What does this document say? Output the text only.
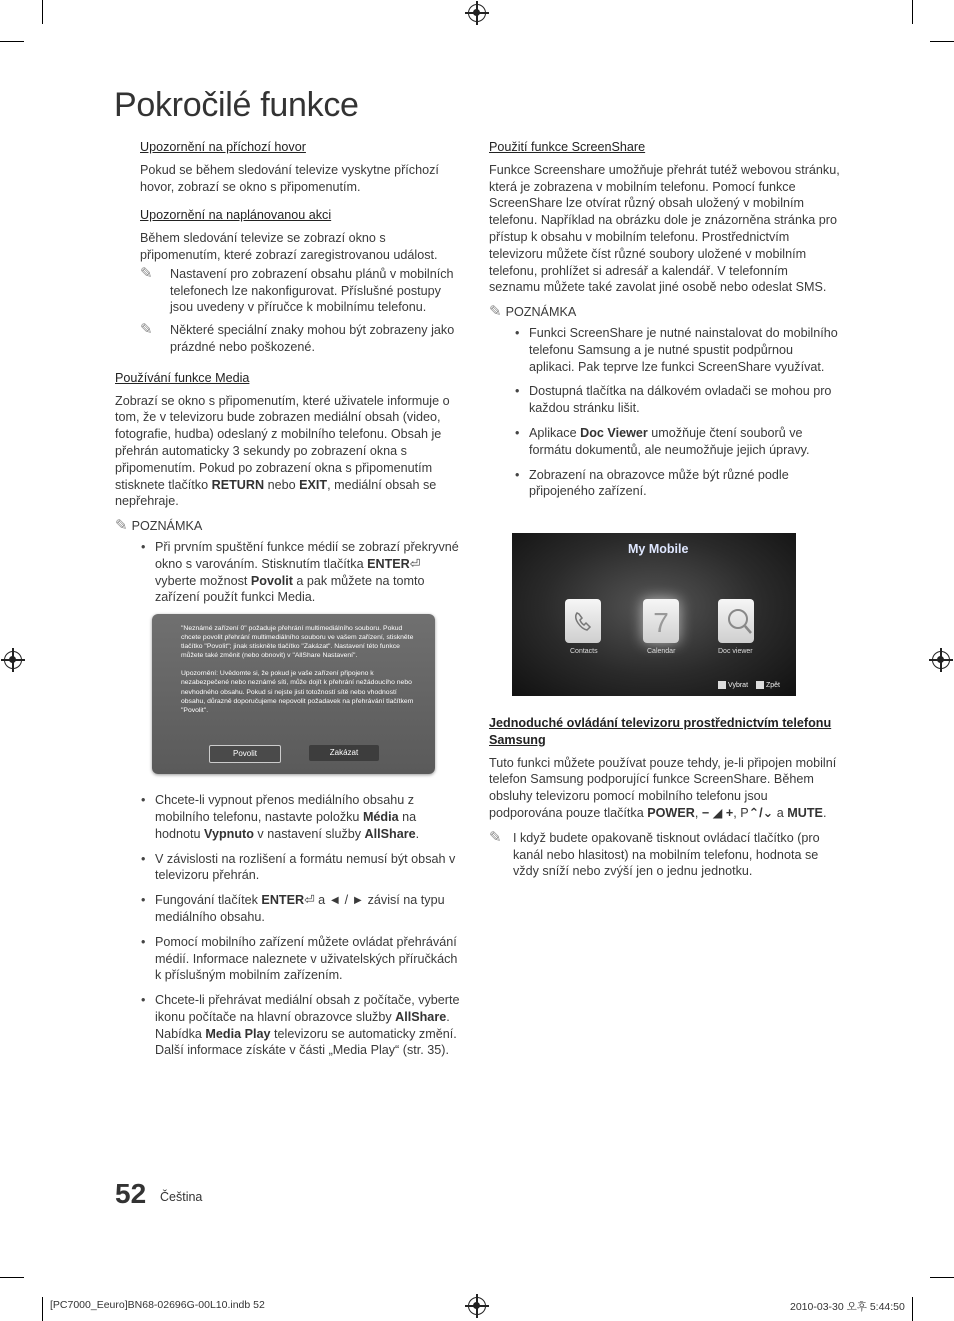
Pokročilé funkce
Upozornění na příchozí hovor

Pokud se během sledování televize vyskytne příchozí hovor, zobrazí se okno s připomenutím.

Upozornění na naplánovanou akci

Během sledování televize se zobrazí okno s připomenutím, které zobrazí zaregistrovanou událost.

✎ Nastavení pro zobrazení obsahu plánů v mobilních telefonech lze nakonfigurovat. Příslušné postupy jsou uvedeny v příručce k mobilnímu telefonu.
✎ Některé speciální znaky mohou být zobrazeny jako prázdné nebo poškozené.
Používání funkce Media

Zobrazí se okno s připomenutím, které uživatele informuje o tom, že v televizoru bude zobrazen mediální obsah (video, fotografie, hudba) odeslaný z mobilního telefonu. Obsah je přehrán automaticky 3 sekundy po zobrazení okna s připomenutím. Pokud po zobrazení okna s připomenutím stisknete tlačítko RETURN nebo EXIT, mediální obsah se nepřehraje.

✎ POZNÁMKA
• Při prvním spuštění funkce médií se zobrazí překryvné okno s varováním. Stisknutím tlačítka ENTER⏎ vyberte možnost Povolit a pak můžete na tomto zařízení použít funkci Media.
• Chcete-li vypnout přenos mediálního obsahu z mobilního telefonu, nastavte položku Média na hodnotu Vypnuto v nastavení služby AllShare.
• V závislosti na rozlišení a formátu nemusí být obsah v televizoru přehrán.
• Fungování tlačítek ENTER⏎ a ◄ / ► závisí na typu mediálního obsahu.
• Pomocí mobilního zařízení můžete ovládat přehrávání médií. Informace naleznete v uživatelských příručkách k příslušným mobilním zařízením.
• Chcete-li přehrávat mediální obsah z počítače, vyberte ikonu počítače na hlavní obrazovce služby AllShare. Nabídka Media Play televizoru se automaticky změní. Další informace získáte v části „Media Play“ (str. 35).
"Neznámé zařízení 0" požaduje přehrání multimediálního souboru. Pokud chcete povolit přehrání multimediálního souboru ve vašem zařízení, stiskněte tlačítko "Povolit"; jinak stiskněte tlačítko "Zakázat". Nastavení této funkce můžete také změnit (nebo obnovit) v "AllShare Nastavení".
Upozornění: Uvědomte si, že pokud je vaše zařízení připojeno k nezabezpečené nebo neznámé síti, může dojít k přehrání nežádoucího nebo nevhodného obsahu. Pokud si nejste jisti totožností sítě nebo vhodností obsahu, důrazně doporučujeme nepovolit požadavek na přehrávání tlačítkem "Povolit".
Povolit	Zakázat
Použití funkce ScreenShare

Funkce Screenshare umožňuje přehrát tutéž webovou stránku, která je zobrazena v mobilním telefonu. Pomocí funkce ScreenShare lze otvírat různý obsah uložený v mobilním telefonu. Například na obrázku dole je znázorněna stránka pro přístup k obsahu v mobilním telefonu. Prostřednictvím televizoru můžete číst různé soubory uložené v mobilním telefonu, prohlížet si adresář a kalendář. V telefonním seznamu můžete také zavolat jiné osobě nebo odeslat SMS.

✎ POZNÁMKA
• Funkci ScreenShare je nutné nainstalovat do mobilního telefonu Samsung a je nutné spustit podpůrnou aplikaci. Pak teprve lze funkci ScreenShare využívat.
• Dostupná tlačítka na dálkovém ovladači se mohou pro každou stránku lišit.
• Aplikace Doc Viewer umožňuje čtení souborů ve formátu dokumentů, ale neumožňuje jejich úpravy.
• Zobrazení na obrazovce může být různé podle připojeného zařízení.
My Mobile
7
Contacts	Calendar	Doc viewer
Vybrat	Zpět
Jednoduché ovládání televizoru prostřednictvím telefonu Samsung

Tuto funkci můžete používat pouze tehdy, je-li připojen mobilní telefon Samsung podporující funkce ScreenShare. Během obsluhy televizoru pomocí mobilního telefonu jsou podporována pouze tlačítka POWER, − ◢ +, P⌃/⌄ a MUTE.

✎ I když budete opakovaně tisknout ovládací tlačítko (pro kanál nebo hlasitost) na mobilním telefonu, hodnota se vždy sníží nebo zvýší jen o jednu jednotku.
52 Čeština
[PC7000_Eeuro]BN68-02696G-00L10.indb 52	2010-03-30 오후 5:44:50
